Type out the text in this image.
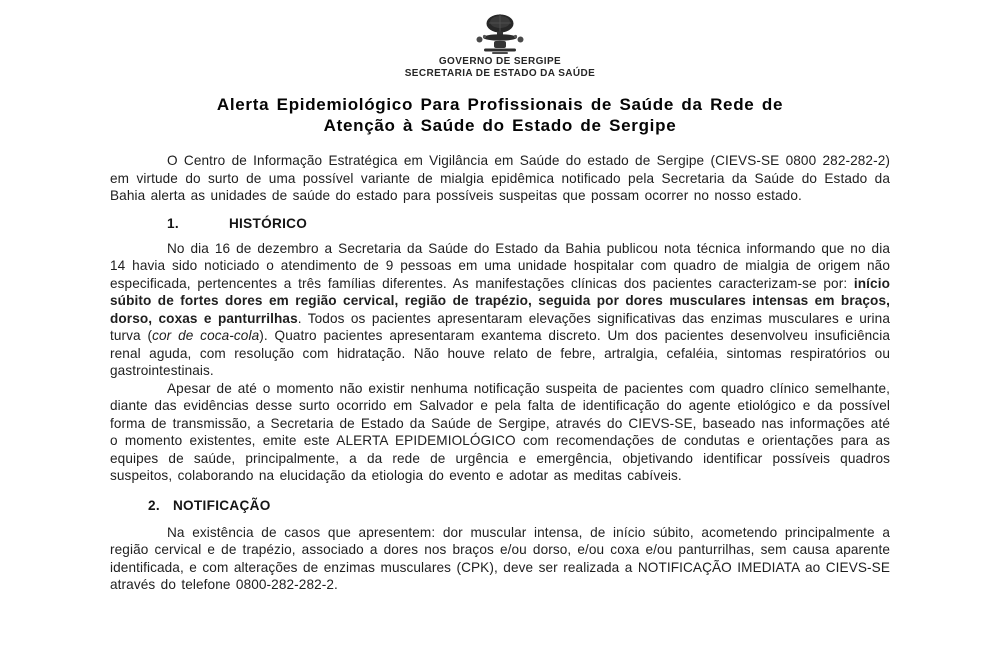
GOVERNO DE SERGIPE
SECRETARIA DE ESTADO DA SAÚDE
Alerta Epidemiológico Para Profissionais de Saúde da Rede de
Atenção à Saúde do Estado de Sergipe

O Centro de Informação Estratégica em Vigilância em Saúde do estado de Sergipe (CIEVS-SE 0800 282-282-2) em virtude do surto de uma possível variante de mialgia epidêmica notificado pela Secretaria da Saúde do Estado da Bahia alerta as unidades de saúde do estado para possíveis suspeitas que possam ocorrer no nosso estado.

1.	HISTÓRICO

No dia 16 de dezembro a Secretaria da Saúde do Estado da Bahia publicou nota técnica informando que no dia 14 havia sido noticiado o atendimento de 9 pessoas em uma unidade hospitalar com quadro de mialgia de origem não especificada, pertencentes a três famílias diferentes. As manifestações clínicas dos pacientes caracterizam-se por: início súbito de fortes dores em região cervical, região de trapézio, seguida por dores musculares intensas em braços, dorso, coxas e panturrilhas. Todos os pacientes apresentaram elevações significativas das enzimas musculares e urina turva (cor de coca-cola). Quatro pacientes apresentaram exantema discreto. Um dos pacientes desenvolveu insuficiência renal aguda, com resolução com hidratação. Não houve relato de febre, artralgia, cefaléia, sintomas respiratórios ou gastrointestinais.

Apesar de até o momento não existir nenhuma notificação suspeita de pacientes com quadro clínico semelhante, diante das evidências desse surto ocorrido em Salvador e pela falta de identificação do agente etiológico e da possível forma de transmissão, a Secretaria de Estado da Saúde de Sergipe, através do CIEVS-SE, baseado nas informações até o momento existentes, emite este ALERTA EPIDEMIOLÓGICO com recomendações de condutas e orientações para as equipes de saúde, principalmente, a da rede de urgência e emergência, objetivando identificar possíveis quadros suspeitos, colaborando na elucidação da etiologia do evento e adotar as meditas cabíveis.

2. NOTIFICAÇÃO

Na existência de casos que apresentem: dor muscular intensa, de início súbito, acometendo principalmente a região cervical e de trapézio, associado a dores nos braços e/ou dorso, e/ou coxa e/ou panturrilhas, sem causa aparente identificada, e com alterações de enzimas musculares (CPK), deve ser realizada a NOTIFICAÇÃO IMEDIATA ao CIEVS-SE através do telefone 0800-282-282-2.
